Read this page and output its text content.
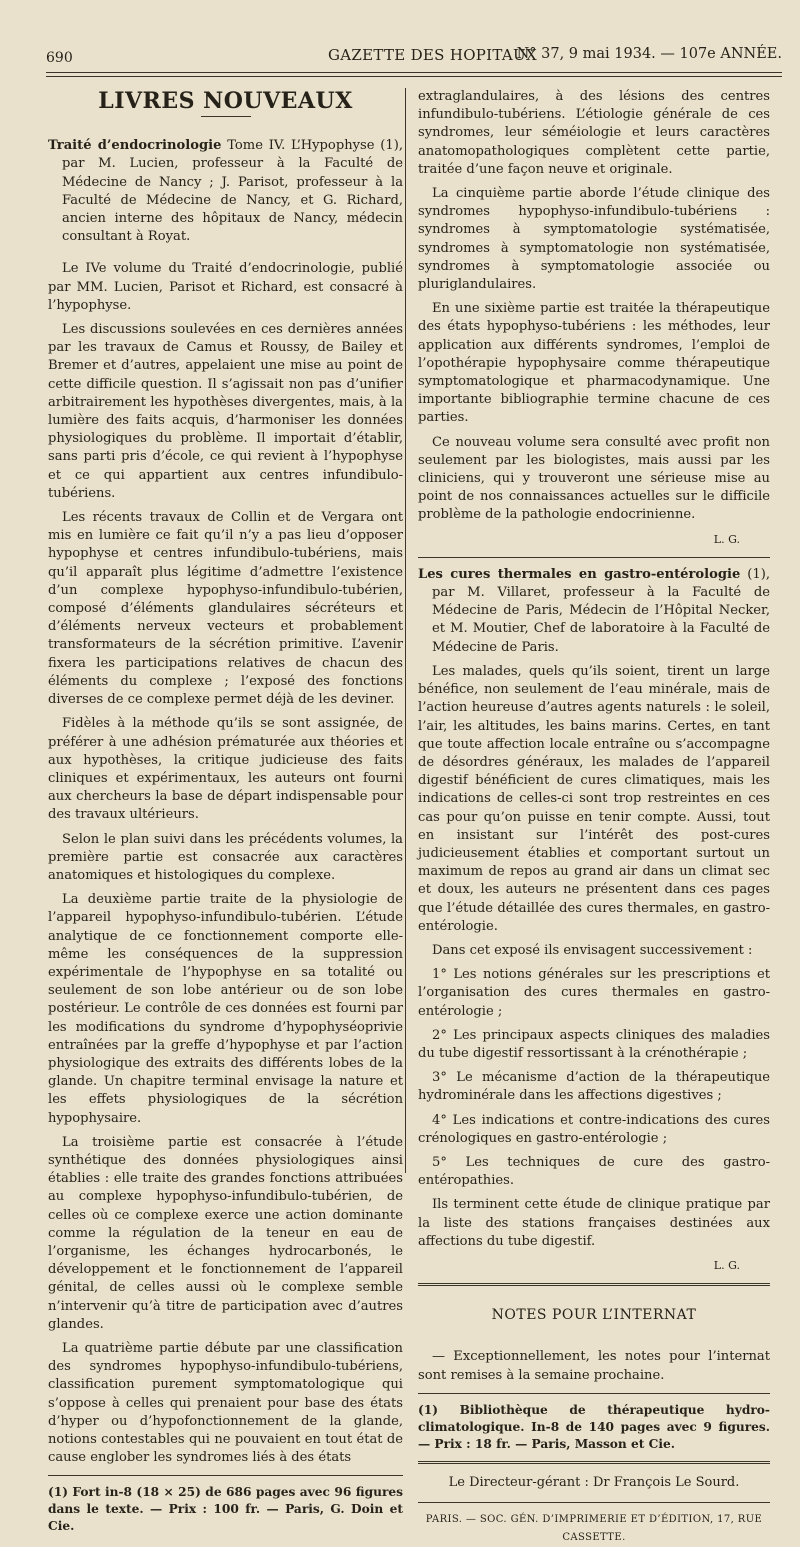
690	GAZETTE DES HOPITAUX
N° 37, 9 mai 1934. — 107e ANNÉE.
LIVRES NOUVEAUX

Traité d’endocrinologie Tome IV. L’Hypophyse (1), par M. Lucien, professeur à la Faculté de Médecine de Nancy ; J. Parisot, professeur à la Faculté de Médecine de Nancy, et G. Richard, ancien interne des hôpitaux de Nancy, médecin consultant à Royat.

Le IVe volume du Traité d’endocrinologie, publié par MM. Lucien, Parisot et Richard, est consacré à l’hypophyse.

Les discussions soulevées en ces dernières années par les travaux de Camus et Roussy, de Bailey et Bremer et d’autres, appelaient une mise au point de cette difficile question. Il s’agissait non pas d’unifier arbitrairement les hypothèses divergentes, mais, à la lumière des faits acquis, d’harmoniser les données physiologiques du problème. Il importait d’établir, sans parti pris d’école, ce qui revient à l’hypophyse et ce qui appartient aux centres infundibulo-tubériens.

Les récents travaux de Collin et de Vergara ont mis en lumière ce fait qu’il n’y a pas lieu d’opposer hypophyse et centres infundibulo-tubériens, mais qu’il apparaît plus légitime d’admettre l’existence d’un complexe hypophyso-infundibulo-tubérien, composé d’éléments glandulaires sécréteurs et d’éléments nerveux vecteurs et probablement transformateurs de la sécrétion primitive. L’avenir fixera les participations relatives de chacun des éléments du complexe ; l’exposé des fonctions diverses de ce complexe permet déjà de les deviner.

Fidèles à la méthode qu’ils se sont assignée, de préférer à une adhésion prématurée aux théories et aux hypothèses, la critique judicieuse des faits cliniques et expérimentaux, les auteurs ont fourni aux chercheurs la base de départ indispensable pour des travaux ultérieurs.

Selon le plan suivi dans les précédents volumes, la première partie est consacrée aux caractères anatomiques et histologiques du complexe.

La deuxième partie traite de la physiologie de l’appareil hypophyso-infundibulo-tubérien. L’étude analytique de ce fonctionnement comporte elle-même les conséquences de la suppression expérimentale de l’hypophyse en sa totalité ou seulement de son lobe antérieur ou de son lobe postérieur. Le contrôle de ces données est fourni par les modifications du syndrome d’hypophyséoprivie entraînées par la greffe d’hypophyse et par l’action physiologique des extraits des différents lobes de la glande. Un chapitre terminal envisage la nature et les effets physiologiques de la sécrétion hypophysaire.

La troisième partie est consacrée à l’étude synthétique des données physiologiques ainsi établies : elle traite des grandes fonctions attribuées au complexe hypophyso-infundibulo-tubérien, de celles où ce complexe exerce une action dominante comme la régulation de la teneur en eau de l’organisme, les échanges hydrocarbonés, le développement et le fonctionnement de l’appareil génital, de celles aussi où le complexe semble n’intervenir qu’à titre de participation avec d’autres glandes.

La quatrième partie débute par une classification des syndromes hypophyso-infundibulo-tubériens, classification purement symptomatologique qui s’oppose à celles qui prenaient pour base des états d’hyper ou d’hypofonctionnement de la glande, notions contestables qui ne pouvaient en tout état de cause englober les syndromes liés à des états

(1) Fort in-8 (18 × 25) de 686 pages avec 96 figures dans le texte. — Prix : 100 fr. — Paris, G. Doin et Cie.

extraglandulaires, à des lésions des centres infundibulo-tubériens. L’étiologie générale de ces syndromes, leur séméiologie et leurs caractères anatomopathologiques complètent cette partie, traitée d’une façon neuve et originale.

La cinquième partie aborde l’étude clinique des syndromes hypophyso-infundibulo-tubériens : syndromes à symptomatologie systématisée, syndromes à symptomatologie non systématisée, syndromes à symptomatologie associée ou pluriglandulaires.

En une sixième partie est traitée la thérapeutique des états hypophyso-tubériens : les méthodes, leur application aux différents syndromes, l’emploi de l’opothérapie hypophysaire comme thérapeutique symptomatologique et pharmacodynamique. Une importante bibliographie termine chacune de ces parties.

Ce nouveau volume sera consulté avec profit non seulement par les biologistes, mais aussi par les cliniciens, qui y trouveront une sérieuse mise au point de nos connaissances actuelles sur le difficile problème de la pathologie endocrinienne.

L. G.

Les cures thermales en gastro-entérologie (1), par M. Villaret, professeur à la Faculté de Médecine de Paris, Médecin de l’Hôpital Necker, et M. Moutier, Chef de laboratoire à la Faculté de Médecine de Paris.

Les malades, quels qu’ils soient, tirent un large bénéfice, non seulement de l’eau minérale, mais de l’action heureuse d’autres agents naturels : le soleil, l’air, les altitudes, les bains marins. Certes, en tant que toute affection locale entraîne ou s’accompagne de désordres généraux, les malades de l’appareil digestif bénéficient de cures climatiques, mais les indications de celles-ci sont trop restreintes en ces cas pour qu’on puisse en tenir compte. Aussi, tout en insistant sur l’intérêt des post-cures judicieusement établies et comportant surtout un maximum de repos au grand air dans un climat sec et doux, les auteurs ne présentent dans ces pages que l’étude détaillée des cures thermales, en gastro-entérologie.

Dans cet exposé ils envisagent successivement :

1° Les notions générales sur les prescriptions et l’organisation des cures thermales en gastro-entérologie ;

2° Les principaux aspects cliniques des maladies du tube digestif ressortissant à la crénothérapie ;

3° Le mécanisme d’action de la thérapeutique hydrominérale dans les affections digestives ;

4° Les indications et contre-indications des cures crénologiques en gastro-entérologie ;

5° Les techniques de cure des gastro-entéropathies.

Ils terminent cette étude de clinique pratique par la liste des stations françaises destinées aux affections du tube digestif.

L. G.
NOTES POUR L’INTERNAT

— Exceptionnellement, les notes pour l’internat sont remises à la semaine prochaine.

(1) Bibliothèque de thérapeutique hydro-climatologique. In-8 de 140 pages avec 9 figures. — Prix : 18 fr. — Paris, Masson et Cie.

Le Directeur-gérant : Dr François Le Sourd.
PARIS. — SOC. GÉN. D’IMPRIMERIE ET D’ÉDITION, 17, RUE CASSETTE.
